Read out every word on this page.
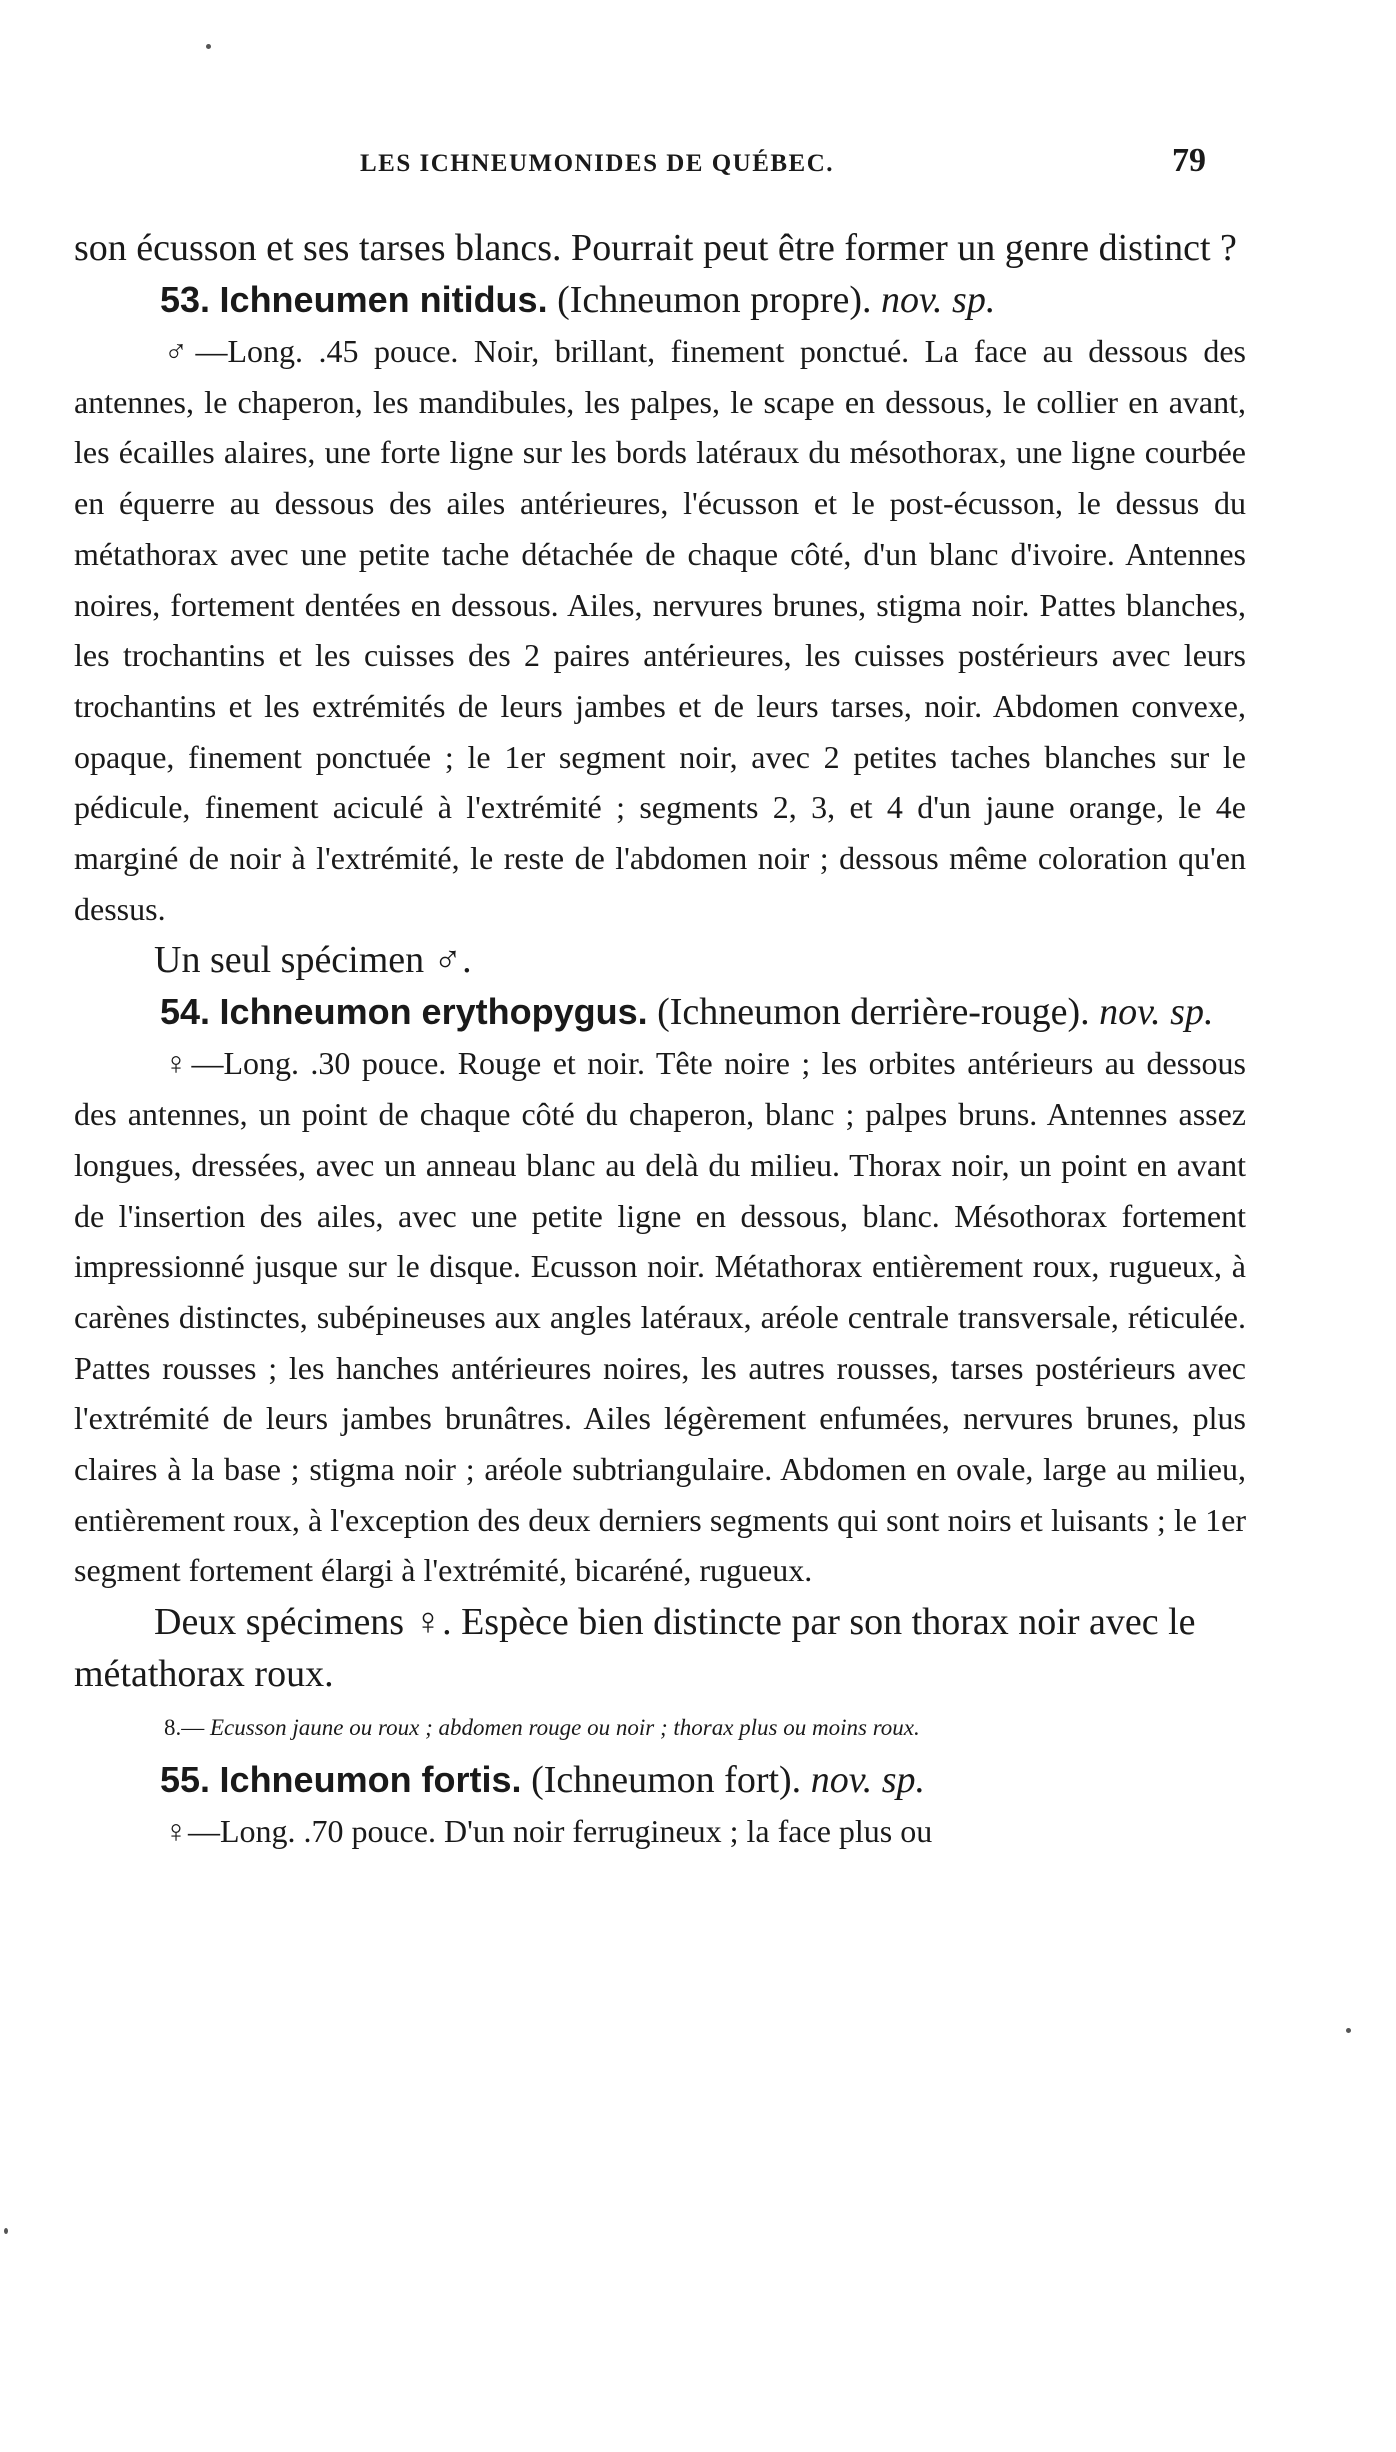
LES ICHNEUMONIDES DE QUÉBEC.	79

son écusson et ses tarses blancs. Pourrait peut être former un genre distinct ?

53. Ichneumen nitidus. (Ichneumon propre). nov. sp.

♂—Long. .45 pouce. Noir, brillant, finement ponctué. La face au dessous des antennes, le chaperon, les mandibules, les palpes, le scape en dessous, le collier en avant, les écailles alaires, une forte ligne sur les bords latéraux du mésothorax, une ligne courbée en équerre au dessous des ailes antérieures, l'écusson et le post-écusson, le dessus du métathorax avec une petite tache détachée de chaque côté, d'un blanc d'ivoire. Antennes noires, fortement dentées en dessous. Ailes, nervures brunes, stigma noir. Pattes blanches, les trochantins et les cuisses des 2 paires antérieures, les cuisses postérieurs avec leurs trochantins et les extrémités de leurs jambes et de leurs tarses, noir. Abdomen convexe, opaque, finement ponctuée ; le 1er segment noir, avec 2 petites taches blanches sur le pédicule, finement aciculé à l'extrémité ; segments 2, 3, et 4 d'un jaune orange, le 4e marginé de noir à l'extrémité, le reste de l'abdomen noir ; dessous même coloration qu'en dessus.

Un seul spécimen ♂.

54. Ichneumon erythopygus. (Ichneumon derrière-rouge). nov. sp.

♀—Long. .30 pouce. Rouge et noir. Tête noire ; les orbites antérieurs au dessous des antennes, un point de chaque côté du chaperon, blanc ; palpes bruns. Antennes assez longues, dressées, avec un anneau blanc au delà du milieu. Thorax noir, un point en avant de l'insertion des ailes, avec une petite ligne en dessous, blanc. Mésothorax fortement impressionné jusque sur le disque. Ecusson noir. Métathorax entièrement roux, rugueux, à carènes distinctes, subépineuses aux angles latéraux, aréole centrale transversale, réticulée. Pattes rousses ; les hanches antérieures noires, les autres rousses, tarses postérieurs avec l'extrémité de leurs jambes brunâtres. Ailes légèrement enfumées, nervures brunes, plus claires à la base ; stigma noir ; aréole subtriangulaire. Abdomen en ovale, large au milieu, entièrement roux, à l'exception des deux derniers segments qui sont noirs et luisants ; le 1er segment fortement élargi à l'extrémité, bicaréné, rugueux.

Deux spécimens ♀. Espèce bien distincte par son thorax noir avec le métathorax roux.

8.— Ecusson jaune ou roux ; abdomen rouge ou noir ; thorax plus ou moins roux.

55. Ichneumon fortis. (Ichneumon fort). nov. sp.

♀—Long. .70 pouce. D'un noir ferrugineux ; la face plus ou
